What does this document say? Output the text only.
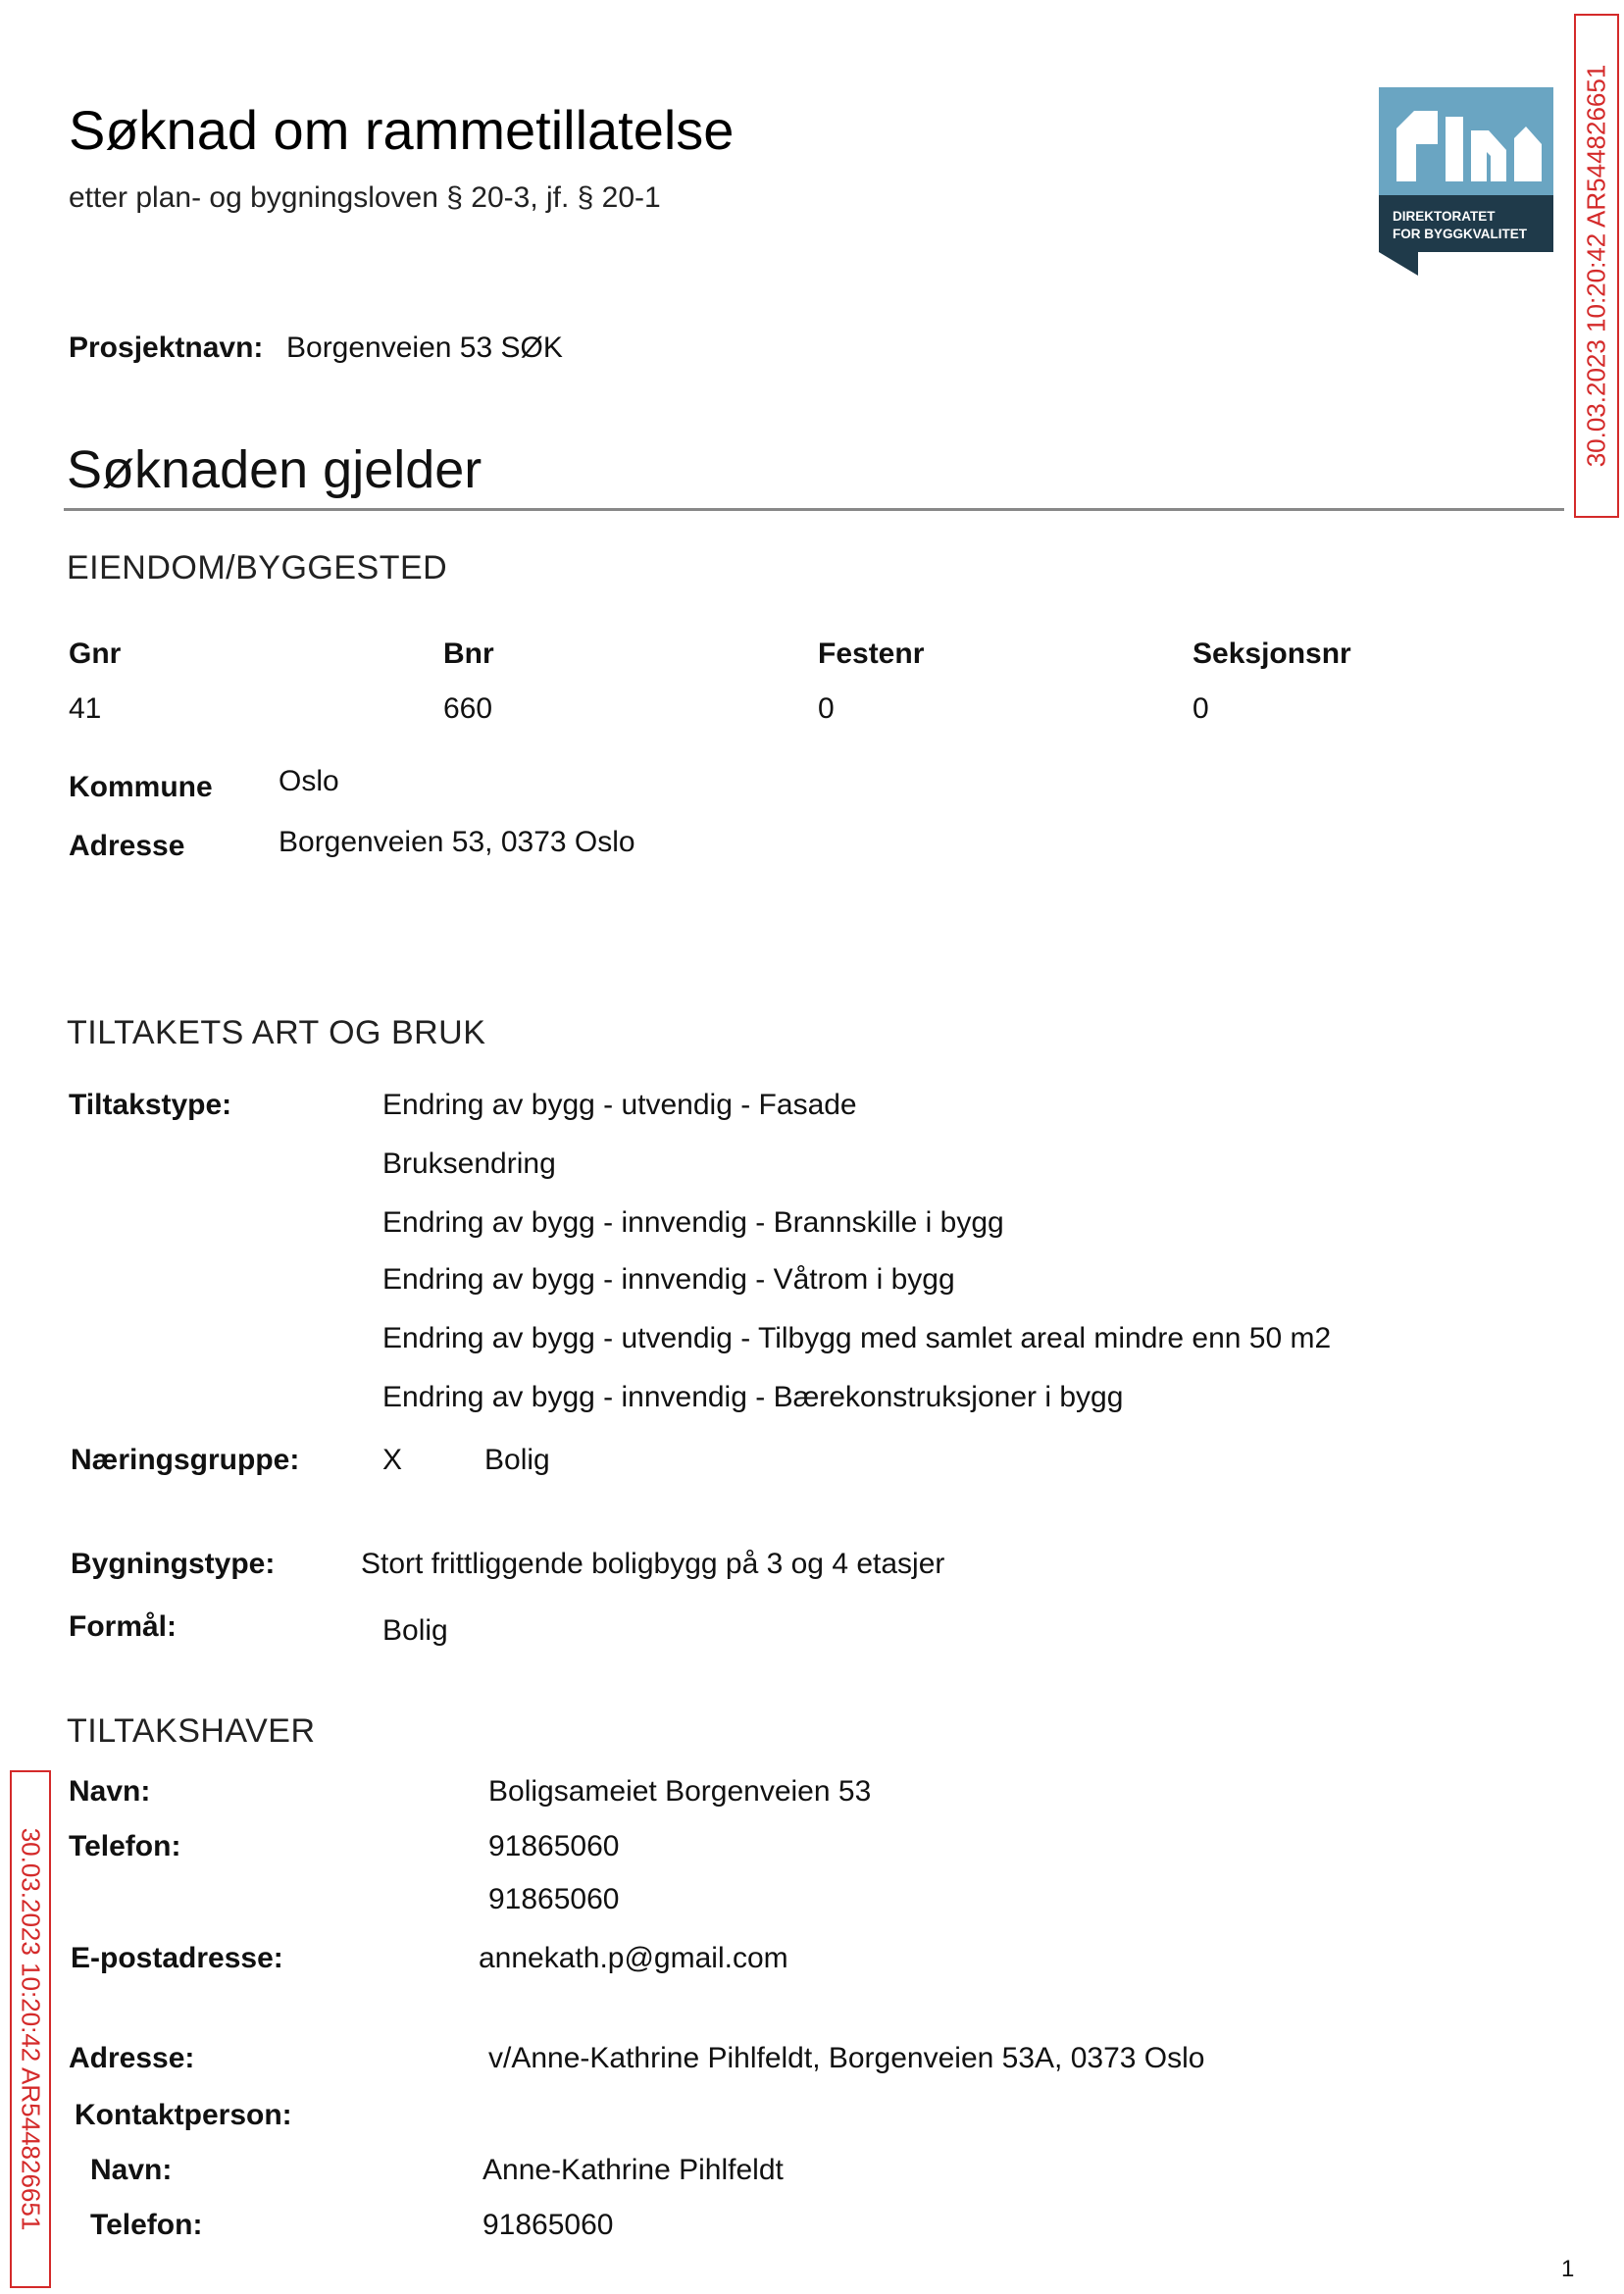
Søknad om rammetillatelse
etter plan- og bygningsloven § 20-3, jf. § 20-1
DIREKTORATET
FOR BYGGKVALITET 30.03.2023 10:20:42 AR544826651
Prosjektnavn: Borgenveien 53 SØK
Søknaden gjelder
EIENDOM/BYGGESTED
Gnr	Bnr	Festenr	Seksjonsnr
41	660	0	0
Kommune Oslo
Adresse	Borgenveien 53, 0373 Oslo
TILTAKETS ART OG BRUK
Tiltakstype:	Endring av bygg - utvendig - Fasade
Bruksendring
Endring av bygg - innvendig - Brannskille i bygg
Endring av bygg - innvendig - Våtrom i bygg
Endring av bygg - utvendig - Tilbygg med samlet areal mindre enn 50 m2
Endring av bygg - innvendig - Bærekonstruksjoner i bygg
Næringsgruppe:	X	Bolig
Bygningstype:	Stort frittliggende boligbygg på 3 og 4 etasjer
Formål:	Bolig
TILTAKSHAVER
Navn:	Boligsameiet Borgenveien 53
Telefon:	91865060
91865060
E-postadresse:	annekath.p@gmail.com
Adresse:	v/Anne-Kathrine Pihlfeldt, Borgenveien 53A, 0373 Oslo
Kontaktperson:
Navn:	Anne-Kathrine Pihlfeldt
Telefon:	91865060
30.03.2023 10:20:42 AR544826651
1
